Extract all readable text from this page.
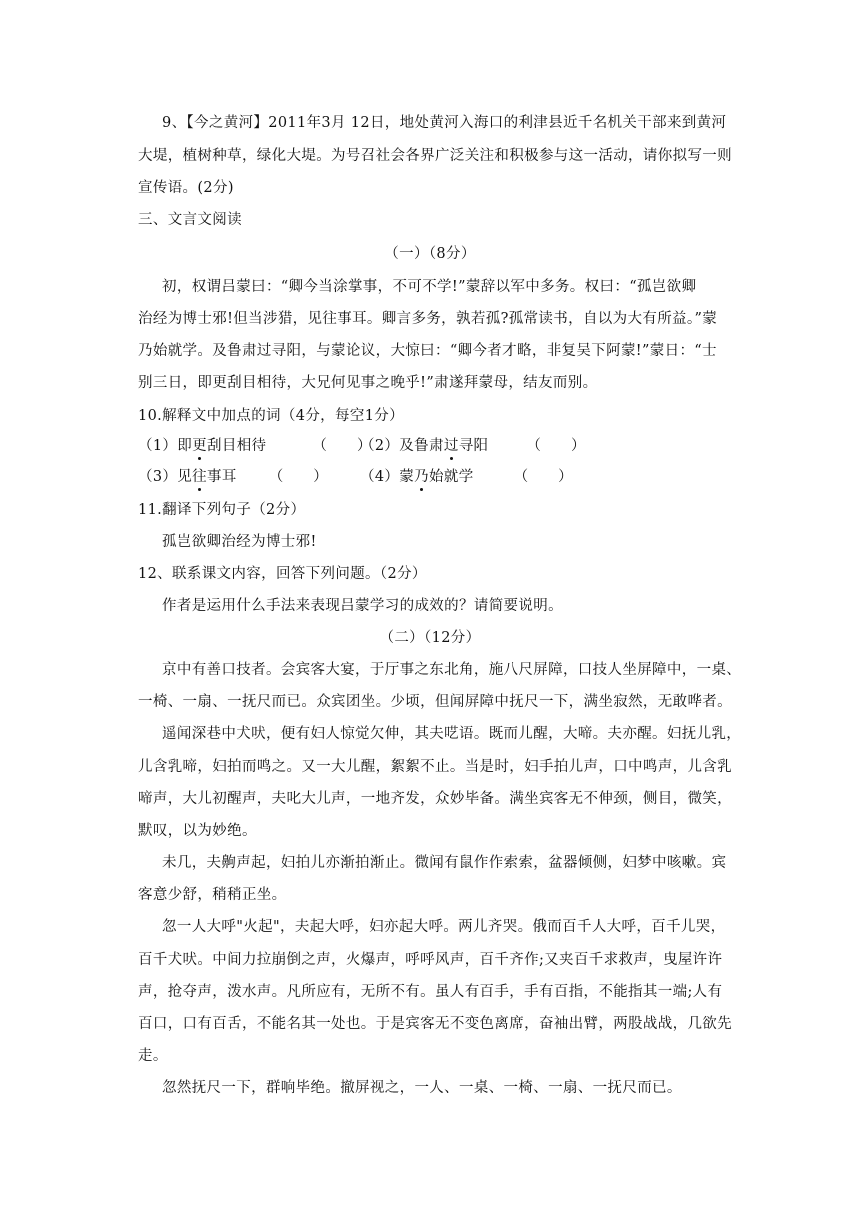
9、【今之黄河】2011年3月 12日，地处黄河入海口的利津县近千名机关干部来到黄河
大堤，植树种草，绿化大堤。为号召社会各界广泛关注和积极参与这一活动，请你拟写一则
宣传语。(2分)
三、文言文阅读
（一）（8分）
初，权谓吕蒙曰：“卿今当涂掌事，不可不学!”蒙辞以军中多务。权曰：“孤岂欲卿
治经为博士邪!但当涉猎，见往事耳。卿言多务，孰若孤?孤常读书，自以为大有所益。”蒙
乃始就学。及鲁肃过寻阳，与蒙论议，大惊曰：“卿今者才略，非复吴下阿蒙!”蒙日：“士
别三日，即更刮目相待，大兄何见事之晚乎!”肃遂拜蒙母，结友而别。
10.解释文中加点的词（4分，每空1分）
（1）即更刮目相待	（　　）
（2）及鲁肃过寻阳	（　　）
（3）见往事耳 （　　）	（4）蒙乃始就学	（　　）
11.翻译下列句子（2分）
孤岂欲卿治经为博士邪!
12、联系课文内容，回答下列问题。（2分）
作者是运用什么手法来表现吕蒙学习的成效的？请简要说明。
（二）（12分）
京中有善口技者。会宾客大宴，于厅事之东北角，施八尺屏障，口技人坐屏障中，一桌、
一椅、一扇、一抚尺而已。众宾团坐。少顷，但闻屏障中抚尺一下，满坐寂然，无敢哗者。
遥闻深巷中犬吠，便有妇人惊觉欠伸，其夫呓语。既而儿醒，大啼。夫亦醒。妇抚儿乳，
儿含乳啼，妇拍而鸣之。又一大儿醒，絮絮不止。当是时，妇手拍儿声，口中鸣声，儿含乳
啼声，大儿初醒声，夫叱大儿声，一地齐发，众妙毕备。满坐宾客无不伸颈，侧目，微笑，
默叹，以为妙绝。
未几，夫齁声起，妇拍儿亦渐拍渐止。微闻有鼠作作索索，盆器倾侧，妇梦中咳嗽。宾
客意少舒，稍稍正坐。
忽一人大呼"火起"，夫起大呼，妇亦起大呼。两儿齐哭。俄而百千人大呼，百千儿哭，
百千犬吠。中间力拉崩倒之声，火爆声，呼呼风声，百千齐作;又夹百千求救声，曳屋许许
声，抢夺声，泼水声。凡所应有，无所不有。虽人有百手，手有百指，不能指其一端;人有
百口，口有百舌，不能名其一处也。于是宾客无不变色离席，奋袖出臂，两股战战，几欲先
走。
忽然抚尺一下，群响毕绝。撤屏视之，一人、一桌、一椅、一扇、一抚尺而已。
